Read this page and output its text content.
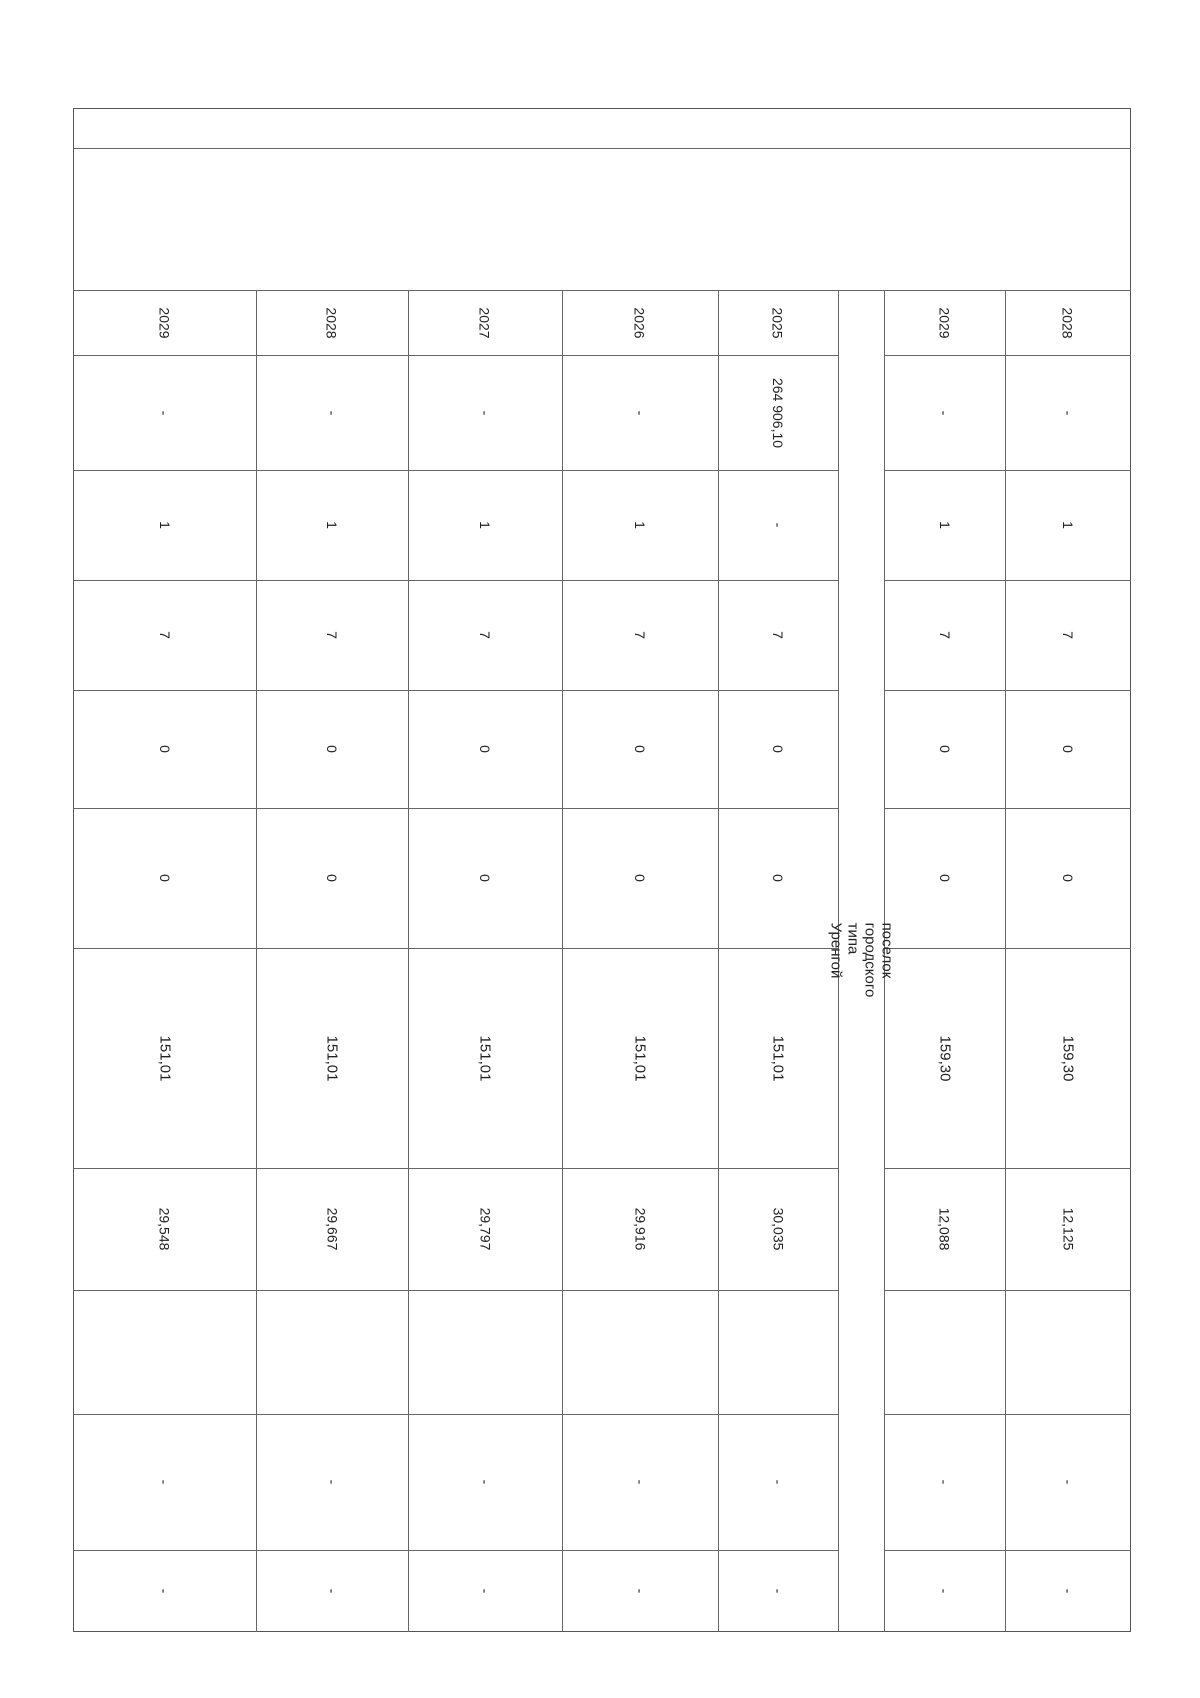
поселок городского типа Уренгой
2029
-
1
7
0
0
151,01
29,548
-
-
2028
-
1
7
0
0
151,01
29,667
-
-
2027
-
1
7
0
0
151,01
29,797
-
-
2026
-
1
7
0
0
151,01
29,916
-
-
2025
264 906,10
-
7
0
0
151,01
30,035
-
-
2029
-
1
7
0
0
159,30
12,088
-
-
2028
-
1
7
0
0
159,30
12,125
-
-
